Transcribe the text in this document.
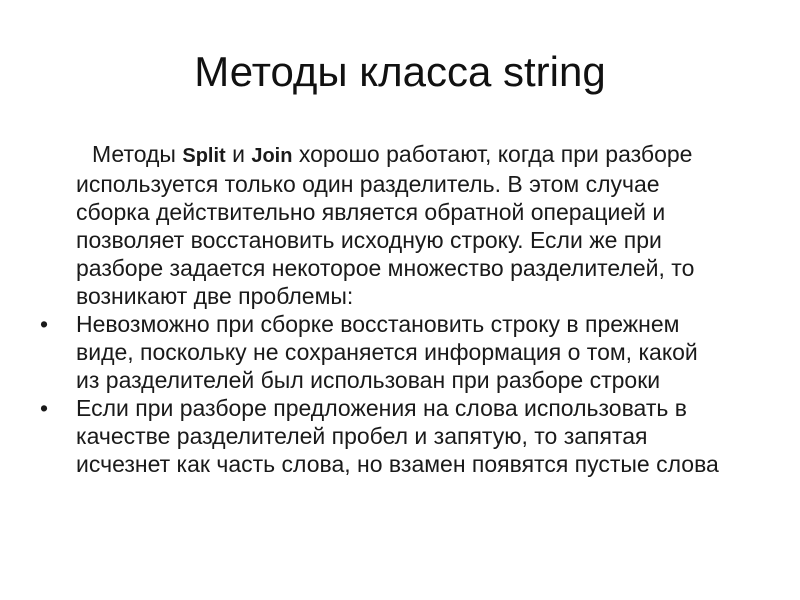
Методы класса string

Методы Split и Join хорошо работают, когда при разборе используется только один разделитель. В этом случае сборка действительно является обратной операцией и позволяет восстановить исходную строку. Если же при разборе задается некоторое множество разделителей, то возникают две проблемы:

•	Невозможно при сборке восстановить строку в прежнем виде, поскольку не сохраняется информация о том, какой из разделителей был использован при разборе строки
•	Если при разборе предложения на слова использовать в качестве разделителей пробел и запятую, то запятая исчезнет как часть слова, но взамен появятся пустые слова
